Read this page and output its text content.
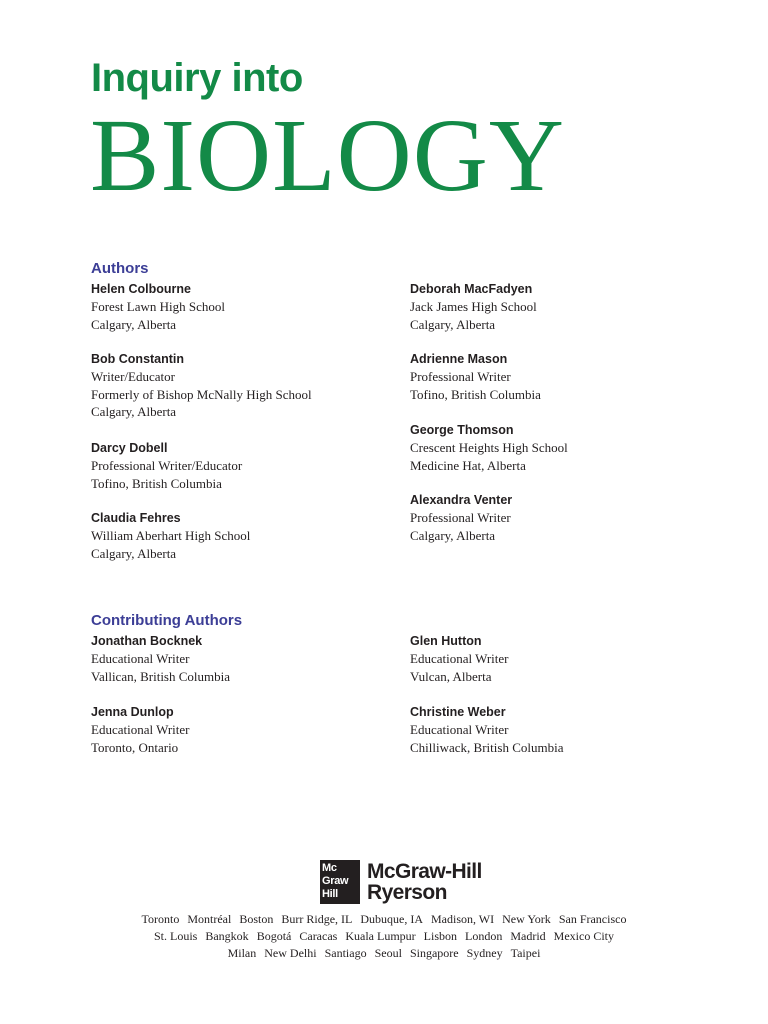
Inquiry into
BIOLOGY
Authors
Helen Colbourne
Forest Lawn High School
Calgary, Alberta
Bob Constantin
Writer/Educator
Formerly of Bishop McNally High School
Calgary, Alberta
Darcy Dobell
Professional Writer/Educator
Tofino, British Columbia
Claudia Fehres
William Aberhart High School
Calgary, Alberta
Deborah MacFadyen
Jack James High School
Calgary, Alberta
Adrienne Mason
Professional Writer
Tofino, British Columbia
George Thomson
Crescent Heights High School
Medicine Hat, Alberta
Alexandra Venter
Professional Writer
Calgary, Alberta
Contributing Authors
Jonathan Bocknek
Educational Writer
Vallican, British Columbia
Jenna Dunlop
Educational Writer
Toronto, Ontario
Glen Hutton
Educational Writer
Vulcan, Alberta
Christine Weber
Educational Writer
Chilliwack, British Columbia
Mc
Graw
Hill
McGraw-Hill
Ryerson
Toronto Montréal Boston Burr Ridge, IL Dubuque, IA Madison, WI New York San Francisco
St. Louis Bangkok Bogotá Caracas Kuala Lumpur Lisbon London Madrid Mexico City
Milan New Delhi Santiago Seoul Singapore Sydney Taipei
